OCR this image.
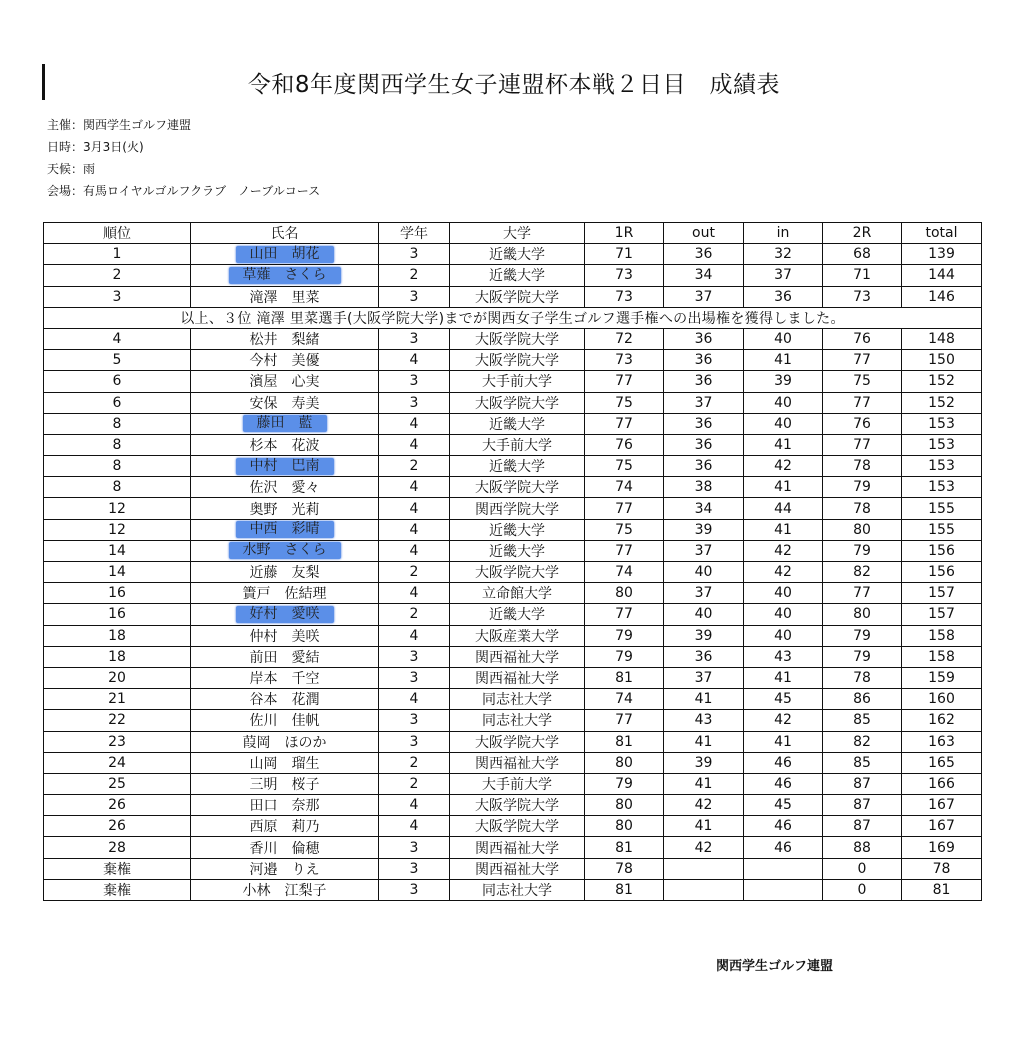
令和8年度関西学生女子連盟杯本戦２日目　成績表
主催：関西学生ゴルフ連盟
日時：3月3日(火)
天候：雨
会場：有馬ロイヤルゴルフクラブ　ノーブルコース
順位	氏名	学年	大学	1R	out	in	2R	total
1	山田　胡花	3	近畿大学	71	36	32	68	139
2	草薙　さくら	2	近畿大学	73	34	37	71	144
3	滝澤　里菜	3	大阪学院大学	73	37	36	73	146
以上、３位 滝澤 里菜選手(大阪学院大学)までが関西女子学生ゴルフ選手権への出場権を獲得しました。								
4	松井　梨緒	3	大阪学院大学	72	36	40	76	148
5	今村　美優	4	大阪学院大学	73	36	41	77	150
6	濱屋　心実	3	大手前大学	77	36	39	75	152
6	安保　寿美	3	大阪学院大学	75	37	40	77	152
8	藤田　藍	4	近畿大学	77	36	40	76	153
8	杉本　花波	4	大手前大学	76	36	41	77	153
8	中村　巴南	2	近畿大学	75	36	42	78	153
8	佐沢　愛々	4	大阪学院大学	74	38	41	79	153
12	奥野　光莉	4	関西学院大学	77	34	44	78	155
12	中西　彩晴	4	近畿大学	75	39	41	80	155
14	水野　さくら	4	近畿大学	77	37	42	79	156
14	近藤　友梨	2	大阪学院大学	74	40	42	82	156
16	簀戸　佐結理	4	立命館大学	80	37	40	77	157
16	好村　愛咲	2	近畿大学	77	40	40	80	157
18	仲村　美咲	4	大阪産業大学	79	39	40	79	158
18	前田　愛結	3	関西福祉大学	79	36	43	79	158
20	岸本　千空	3	関西福祉大学	81	37	41	78	159
21	谷本　花潤	4	同志社大学	74	41	45	86	160
22	佐川　佳帆	3	同志社大学	77	43	42	85	162
23	葭岡　ほのか	3	大阪学院大学	81	41	41	82	163
24	山岡　瑠生	2	関西福祉大学	80	39	46	85	165
25	三明　桜子	2	大手前大学	79	41	46	87	166
26	田口　奈那	4	大阪学院大学	80	42	45	87	167
26	西原　莉乃	4	大阪学院大学	80	41	46	87	167
28	香川　倫穂	3	関西福祉大学	81	42	46	88	169
棄権	河邉　りえ	3	関西福祉大学	78			0	78
棄権	小林　江梨子	3	同志社大学	81			0	81
関西学生ゴルフ連盟
